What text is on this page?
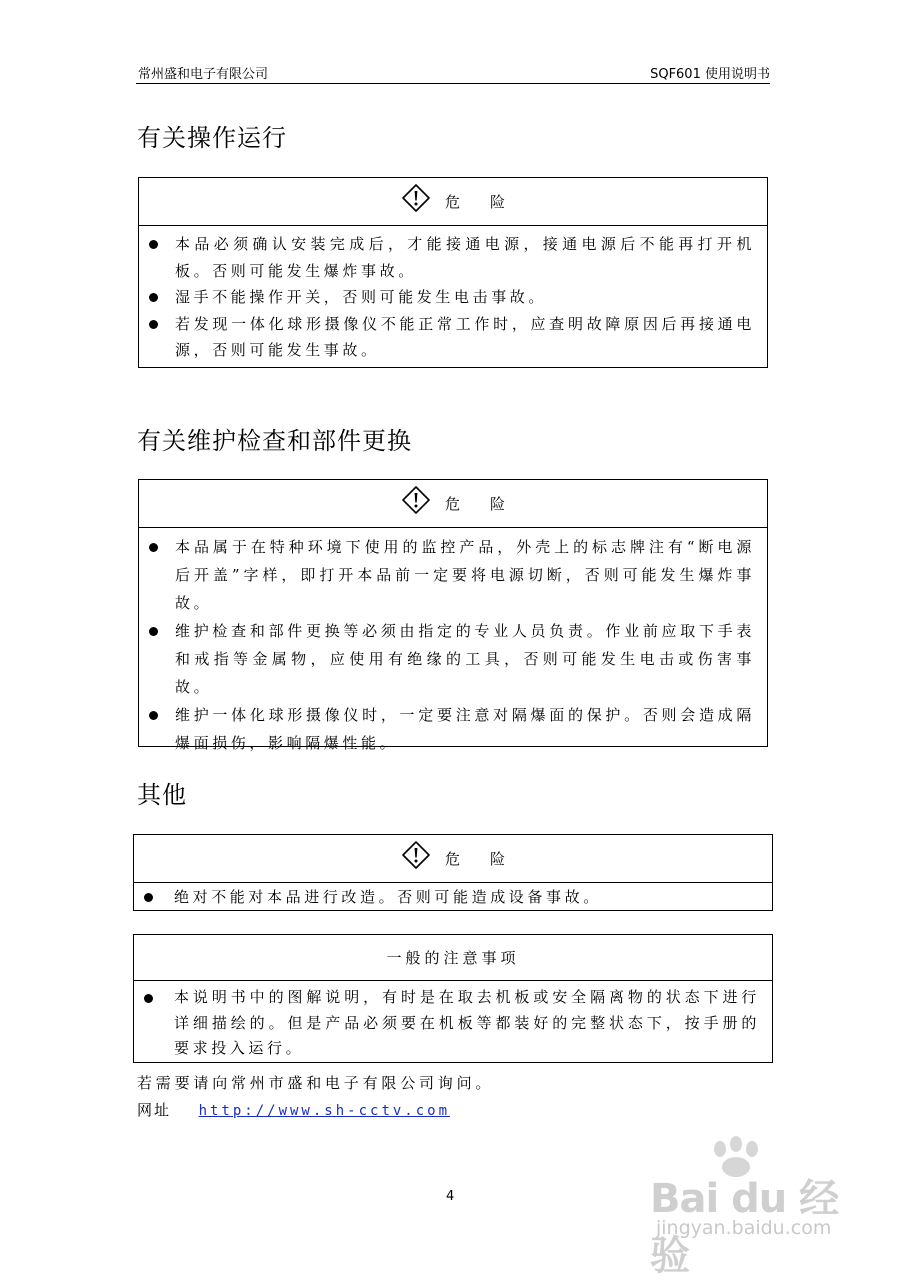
常州盛和电子有限公司	SQF601 使用说明书
有关操作运行
危 险
本品必须确认安装完成后，才能接通电源，接通电源后不能再打开机板。否则可能发生爆炸事故。
湿手不能操作开关，否则可能发生电击事故。
若发现一体化球形摄像仪不能正常工作时，应查明故障原因后再接通电源，否则可能发生事故。
有关维护检查和部件更换
危 险
本品属于在特种环境下使用的监控产品，外壳上的标志牌注有“断电源后开盖”字样，即打开本品前一定要将电源切断，否则可能发生爆炸事故。
维护检查和部件更换等必须由指定的专业人员负责。作业前应取下手表和戒指等金属物，应使用有绝缘的工具，否则可能发生电击或伤害事故。
维护一体化球形摄像仪时，一定要注意对隔爆面的保护。否则会造成隔爆面损伤，影响隔爆性能。
其他
危 险
绝对不能对本品进行改造。否则可能造成设备事故。
一般的注意事项
本说明书中的图解说明，有时是在取去机板或安全隔离物的状态下进行详细描绘的。但是产品必须要在机板等都装好的完整状态下，按手册的要求投入运行。
若需要请向常州市盛和电子有限公司询问。
网址 http://www.sh-cctv.com
4	Bai du 经验
jingyan.baidu.com
